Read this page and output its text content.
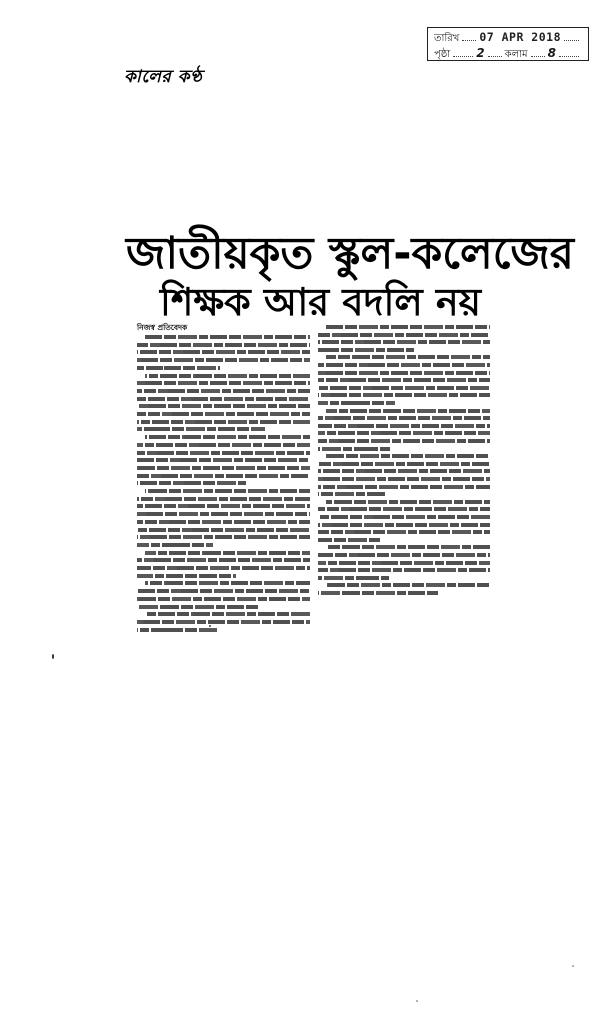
তারিখ 07 APR 2018
পৃষ্ঠা 2 কলাম 8
কালের কণ্ঠ
জাতীয়কৃত স্কুল-কলেজের
শিক্ষক আর বদলি নয়
নিজস্ব প্রতিবেদক
